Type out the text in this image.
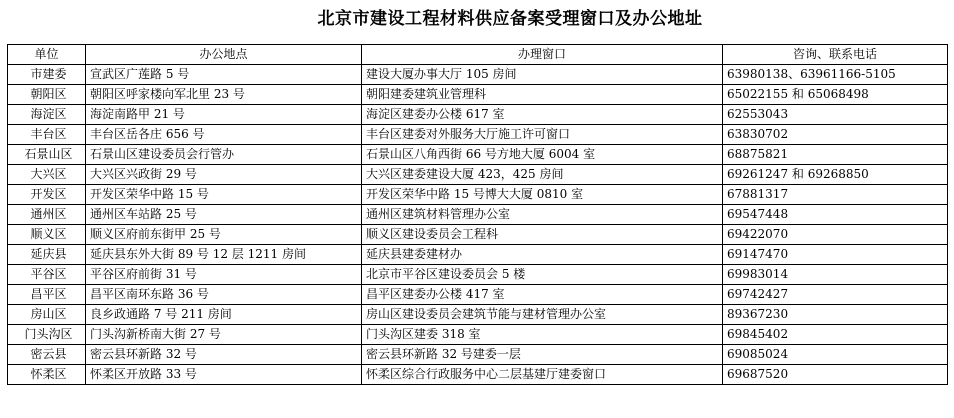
北京市建设工程材料供应备案受理窗口及办公地址
单位	办公地点	办理窗口	咨询、联系电话
市建委	宣武区广莲路 5 号	建设大厦办事大厅 105 房间	63980138、63961166-5105
朝阳区	朝阳区呼家楼向军北里 23 号	朝阳建委建筑业管理科	65022155 和 65068498
海淀区	海淀南路甲 21 号	海淀区建委办公楼 617 室	62553043
丰台区	丰台区岳各庄 656 号	丰台区建委对外服务大厅施工许可窗口	63830702
石景山区	石景山区建设委员会行管办	石景山区八角西街 66 号方地大厦 6004 室	68875821
大兴区	大兴区兴政街 29 号	大兴区建委建设大厦 423，425 房间	69261247 和 69268850
开发区	开发区荣华中路 15 号	开发区荣华中路 15 号博大大厦 0810 室	67881317
通州区	通州区车站路 25 号	通州区建筑材料管理办公室	69547448
顺义区	顺义区府前东街甲 25 号	顺义区建设委员会工程科	69422070
延庆县	延庆县东外大街 89 号 12 层 1211 房间	延庆县建委建材办	69147470
平谷区	平谷区府前街 31 号	北京市平谷区建设委员会 5 楼	69983014
昌平区	昌平区南环东路 36 号	昌平区建委办公楼 417 室	69742427
房山区	良乡政通路 7 号 211 房间	房山区建设委员会建筑节能与建材管理办公室	89367230
门头沟区	门头沟新桥南大街 27 号	门头沟区建委 318 室	69845402
密云县	密云县环新路 32 号	密云县环新路 32 号建委一层	69085024
怀柔区	怀柔区开放路 33 号	怀柔区综合行政服务中心二层基建厅建委窗口	69687520
